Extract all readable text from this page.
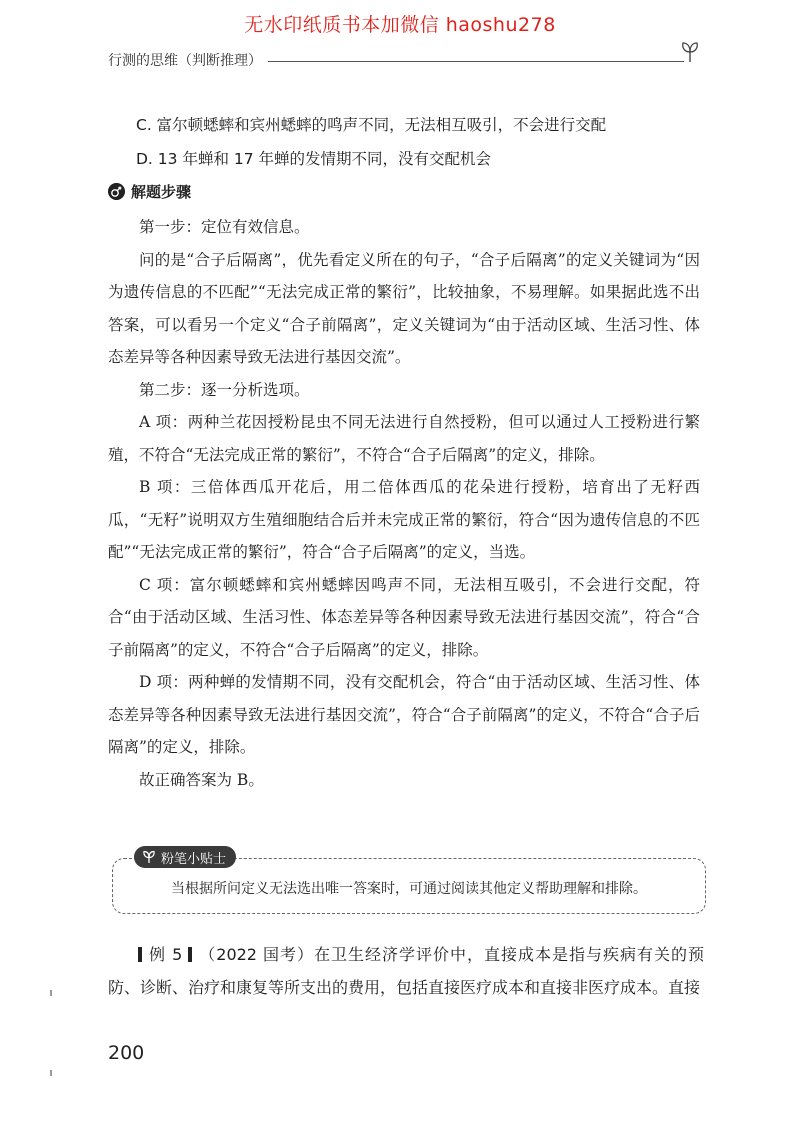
无水印纸质书本加微信 haoshu278
行测的思维（判断推理）
C. 富尔顿蟋蟀和宾州蟋蟀的鸣声不同，无法相互吸引，不会进行交配
D. 13 年蝉和 17 年蝉的发情期不同，没有交配机会
解题步骤

第一步：定位有效信息。

问的是“合子后隔离”，优先看定义所在的句子，“合子后隔离”的定义关键词为“因为遗传信息的不匹配”“无法完成正常的繁衍”，比较抽象，不易理解。如果据此选不出答案，可以看另一个定义“合子前隔离”，定义关键词为“由于活动区域、生活习性、体态差异等各种因素导致无法进行基因交流”。

第二步：逐一分析选项。

A 项：两种兰花因授粉昆虫不同无法进行自然授粉，但可以通过人工授粉进行繁殖，不符合“无法完成正常的繁衍”，不符合“合子后隔离”的定义，排除。

B 项：三倍体西瓜开花后，用二倍体西瓜的花朵进行授粉，培育出了无籽西瓜，“无籽”说明双方生殖细胞结合后并未完成正常的繁衍，符合“因为遗传信息的不匹配”“无法完成正常的繁衍”，符合“合子后隔离”的定义，当选。

C 项：富尔顿蟋蟀和宾州蟋蟀因鸣声不同，无法相互吸引，不会进行交配，符合“由于活动区域、生活习性、体态差异等各种因素导致无法进行基因交流”，符合“合子前隔离”的定义，不符合“合子后隔离”的定义，排除。

D 项：两种蝉的发情期不同，没有交配机会，符合“由于活动区域、生活习性、体态差异等各种因素导致无法进行基因交流”，符合“合子前隔离”的定义，不符合“合子后隔离”的定义，排除。

故正确答案为 B。

粉笔小贴士
当根据所问定义无法选出唯一答案时，可通过阅读其他定义帮助理解和排除。

例 5 （2022 国考）在卫生经济学评价中，直接成本是指与疾病有关的预防、诊断、治疗和康复等所支出的费用，包括直接医疗成本和直接非医疗成本。直接

200
